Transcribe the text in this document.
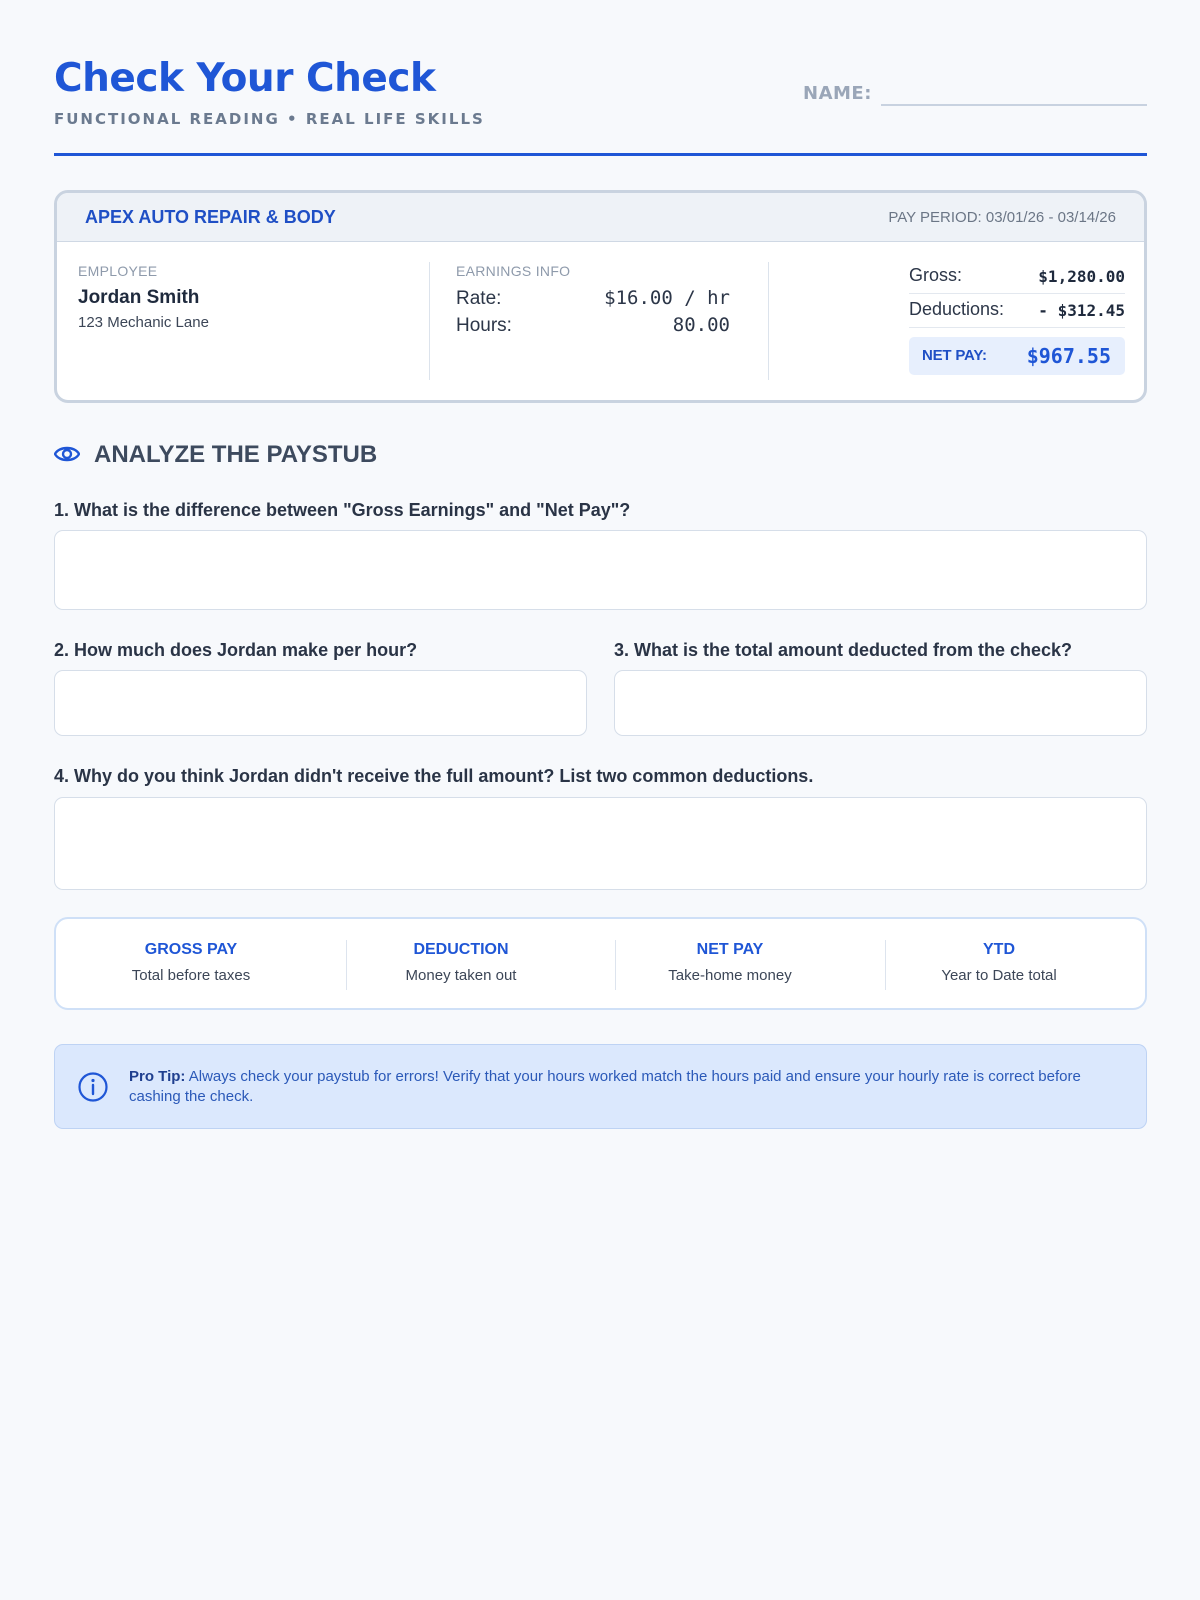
Check Your Check
FUNCTIONAL READING • REAL LIFE SKILLS
NAME:
APEX AUTO REPAIR & BODY	PAY PERIOD: 03/01/26 - 03/14/26
EMPLOYEE
Jordan Smith
123 Mechanic Lane
EARNINGS INFO
Rate:	$16.00 / hr
Hours:	80.00
Gross:	$1,280.00
Deductions: - $312.45
NET PAY: $967.55
ANALYZE THE PAYSTUB
1. What is the difference between "Gross Earnings" and "Net Pay"?
2. How much does Jordan make per hour?	3. What is the total amount deducted from the check?
4. Why do you think Jordan didn't receive the full amount? List two common deductions.
GROSS PAY
Total before taxes
DEDUCTION
Money taken out
NET PAY
Take-home money
YTD
Year to Date total
Pro Tip: Always check your paystub for errors! Verify that your hours worked match the hours paid and ensure your hourly rate is correct before cashing the check.
